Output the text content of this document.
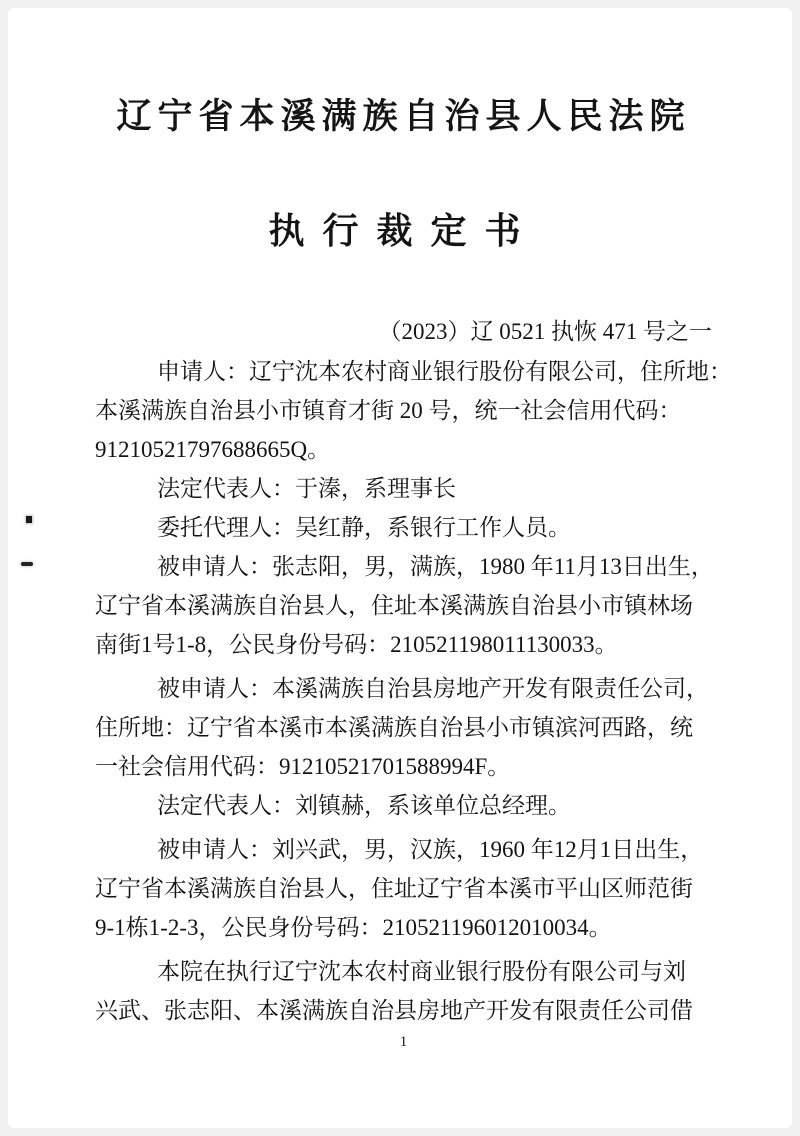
辽宁省本溪满族自治县人民法院
执行裁定书
（2023）辽 0521 执恢 471 号之一
申请人：辽宁沈本农村商业银行股份有限公司，住所地：
本溪满族自治县小市镇育才街 20 号，统一社会信用代码：
91210521797688665Q。
法定代表人：于溱，系理事长
委托代理人：吴红静，系银行工作人员。
被申请人：张志阳，男，满族，1980 年11月13日出生，
辽宁省本溪满族自治县人，住址本溪满族自治县小市镇林场
南街1号1-8，公民身份号码：210521198011130033。
被申请人：本溪满族自治县房地产开发有限责任公司，
住所地：辽宁省本溪市本溪满族自治县小市镇滨河西路，统
一社会信用代码：91210521701588994F。
法定代表人：刘镇赫，系该单位总经理。
被申请人：刘兴武，男，汉族，1960 年12月1日出生，
辽宁省本溪满族自治县人，住址辽宁省本溪市平山区师范街
9-1栋1-2-3，公民身份号码：210521196012010034。
本院在执行辽宁沈本农村商业银行股份有限公司与刘
兴武、张志阳、本溪满族自治县房地产开发有限责任公司借
1
